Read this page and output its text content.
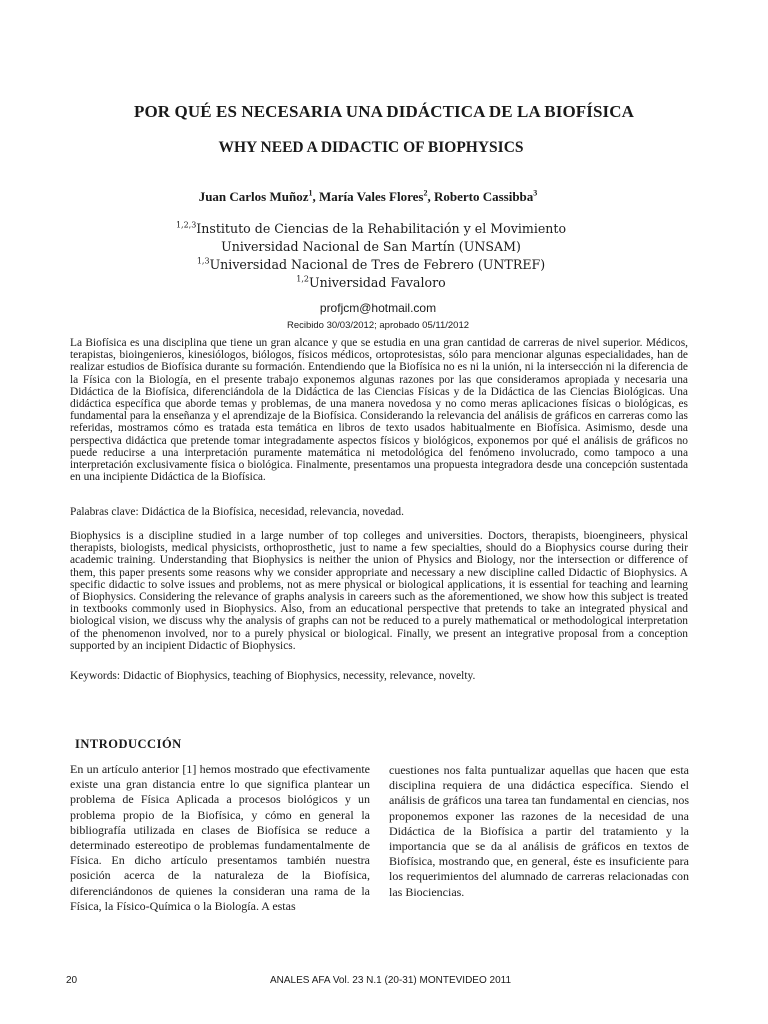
POR QUÉ ES NECESARIA UNA DIDÁCTICA DE LA BIOFÍSICA
WHY NEED A DIDACTIC OF BIOPHYSICS
Juan Carlos Muñoz$^1$, María Vales Flores$^2$, Roberto Cassibba$^3$
$^{1,2,3}$Instituto de Ciencias de la Rehabilitación y el Movimiento
Universidad Nacional de San Martín (UNSAM)
$^{1,3}$Universidad Nacional de Tres de Febrero (UNTREF)
$^{1,2}$Universidad Favaloro
profjcm@hotmail.com
Recibido 30/03/2012; aprobado 05/11/2012
La Biofísica es una disciplina que tiene un gran alcance y que se estudia en una gran cantidad de carreras de nivel superior. Médicos, terapistas, bioingenieros, kinesiólogos, biólogos, físicos médicos, ortoprotesistas, sólo para mencionar algunas especialidades, han de realizar estudios de Biofísica durante su formación. Entendiendo que la Biofísica no es ni la unión, ni la intersección ni la diferencia de la Física con la Biología, en el presente trabajo exponemos algunas razones por las que consideramos apropiada y necesaria una Didáctica de la Biofísica, diferenciándola de la Didáctica de las Ciencias Físicas y de la Didáctica de las Ciencias Biológicas. Una didáctica específica que aborde temas y problemas, de una manera novedosa y no como meras aplicaciones físicas o biológicas, es fundamental para la enseñanza y el aprendizaje de la Biofísica. Considerando la relevancia del análisis de gráficos en carreras como las referidas, mostramos cómo es tratada esta temática en libros de texto usados habitualmente en Biofísica. Asimismo, desde una perspectiva didáctica que pretende tomar integradamente aspectos físicos y biológicos, exponemos por qué el análisis de gráficos no puede reducirse a una interpretación puramente matemática ni metodológica del fenómeno involucrado, como tampoco a una interpretación exclusivamente física o biológica. Finalmente, presentamos una propuesta integradora desde una concepción sustentada en una incipiente Didáctica de la Biofísica.
Palabras clave: Didáctica de la Biofísica, necesidad, relevancia, novedad.
Biophysics is a discipline studied in a large number of top colleges and universities. Doctors, therapists, bioengineers, physical therapists, biologists, medical physicists, orthoprosthetic, just to name a few specialties, should do a Biophysics course during their academic training. Understanding that Biophysics is neither the union of Physics and Biology, nor the intersection or difference of them, this paper presents some reasons why we consider appropriate and necessary a new discipline called Didactic of Biophysics. A specific didactic to solve issues and problems, not as mere physical or biological applications, it is essential for teaching and learning of Biophysics. Considering the relevance of graphs analysis in careers such as the aforementioned, we show how this subject is treated in textbooks commonly used in Biophysics. Also, from an educational perspective that pretends to take an integrated physical and biological vision, we discuss why the analysis of graphs can not be reduced to a purely mathematical or methodological interpretation of the phenomenon involved, nor to a purely physical or biological. Finally, we present an integrative proposal from a conception supported by an incipient Didactic of Biophysics.
Keywords: Didactic of Biophysics, teaching of Biophysics, necessity, relevance, novelty.
INTRODUCCIÓN
En un artículo anterior [1] hemos mostrado que efectivamente existe una gran distancia entre lo que significa plantear un problema de Física Aplicada a procesos biológicos y un problema propio de la Biofísica, y cómo en general la bibliografía utilizada en clases de Biofísica se reduce a determinado estereotipo de problemas fundamentalmente de Física. En dicho artículo presentamos también nuestra posición acerca de la naturaleza de la Biofísica, diferenciándonos de quienes la consideran una rama de la Física, la Físico-Química o la Biología. A estas
cuestiones nos falta puntualizar aquellas que hacen que esta disciplina requiera de una didáctica específica. Siendo el análisis de gráficos una tarea tan fundamental en ciencias, nos proponemos exponer las razones de la necesidad de una Didáctica de la Biofísica a partir del tratamiento y la importancia que se da al análisis de gráficos en textos de Biofísica, mostrando que, en general, éste es insuficiente para los requerimientos del alumnado de carreras relacionadas con las Biociencias.
20	ANALES AFA Vol. 23 N.1 (20-31) MONTEVIDEO 2011
